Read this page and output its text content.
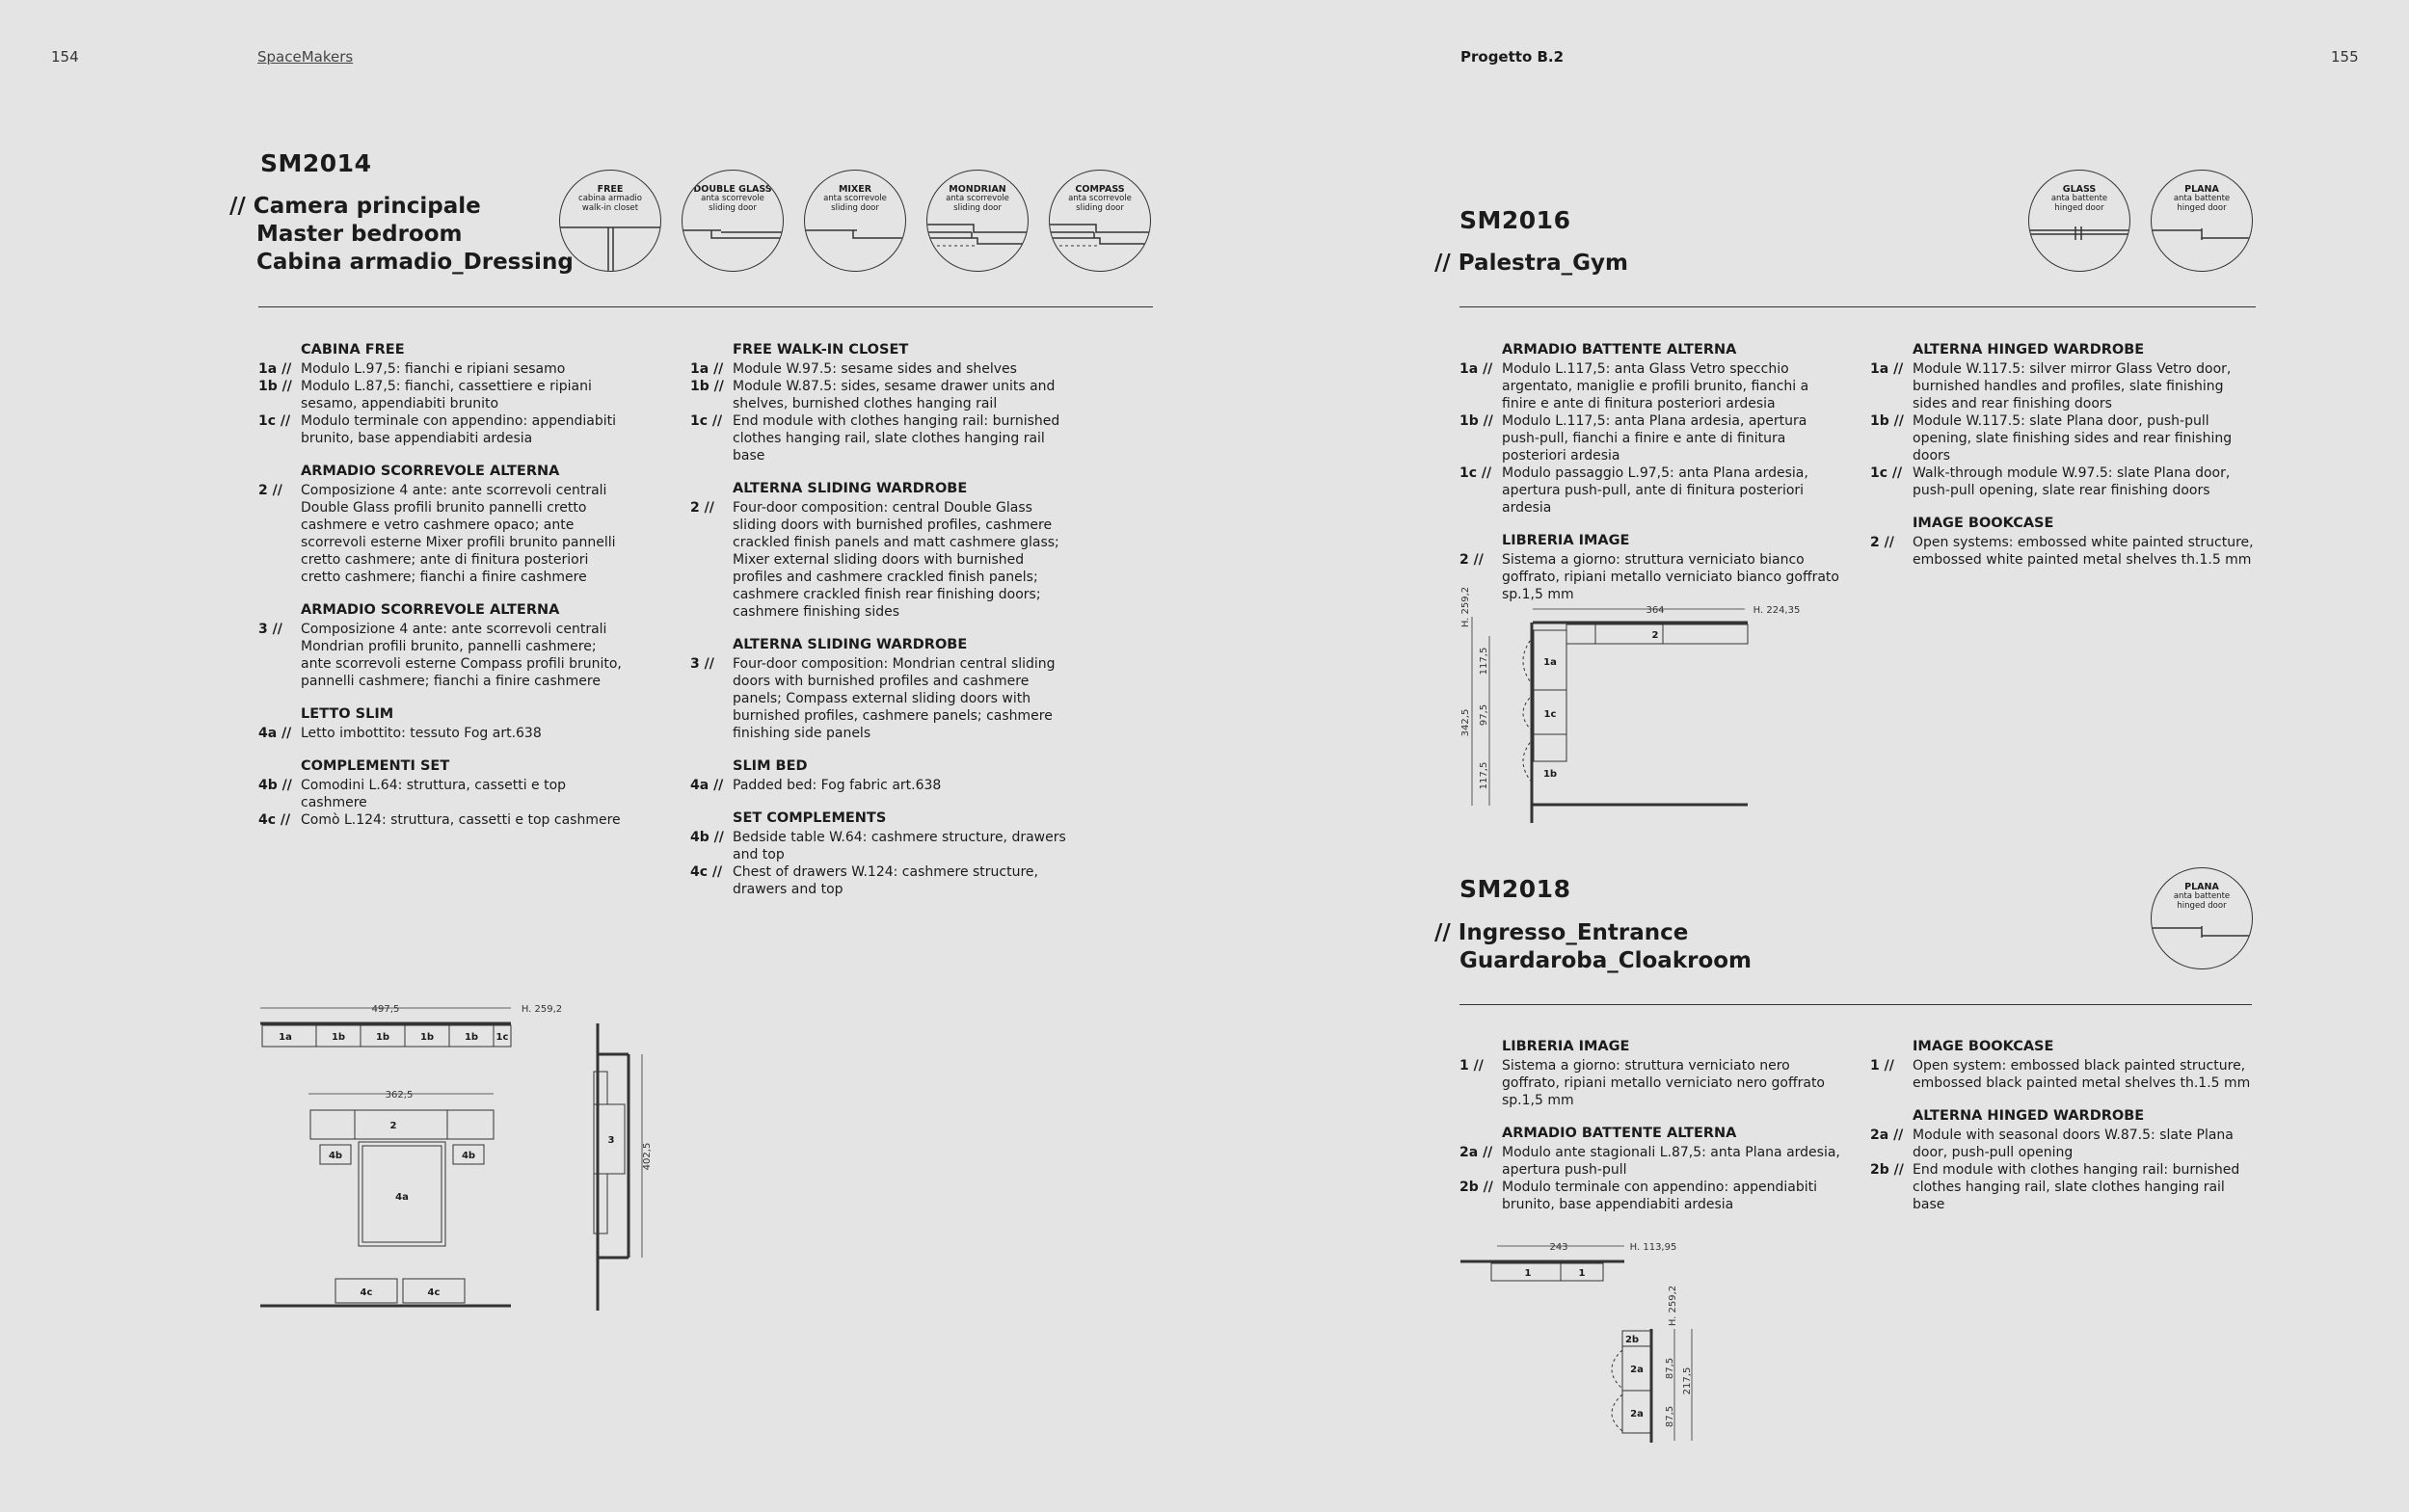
154	SpaceMakers	Progetto B.2	155
SM2014
// Camera principale
Master bedroom
Cabina armadio_Dressing
FREE
cabina armadio walk-in closet
DOUBLE GLASS
anta scorrevole sliding door
MIXER
anta scorrevole sliding door
MONDRIAN
anta scorrevole sliding door
COMPASS
anta scorrevole sliding door
CABINA FREE
1a // Modulo L.97,5: fianchi e ripiani sesamo
1b // Modulo L.87,5: fianchi, cassettiere e ripiani sesamo, appendiabiti brunito
1c // Modulo terminale con appendino: appendiabiti brunito, base appendiabiti ardesia
ARMADIO SCORREVOLE ALTERNA
2 //	Composizione 4 ante: ante scorrevoli centrali Double Glass profili brunito pannelli cretto cashmere e vetro cashmere opaco; ante scorrevoli esterne Mixer profili brunito pannelli cretto cashmere; ante di finitura posteriori cretto cashmere; fianchi a finire cashmere
ARMADIO SCORREVOLE ALTERNA
3 //	Composizione 4 ante: ante scorrevoli centrali Mondrian profili brunito, pannelli cashmere; ante scorrevoli esterne Compass profili brunito, pannelli cashmere; fianchi a finire cashmere
LETTO SLIM
4a // Letto imbottito: tessuto Fog art.638
COMPLEMENTI SET
4b // Comodini L.64: struttura, cassetti e top cashmere
4c // Comò L.124: struttura, cassetti e top cashmere
FREE WALK-IN CLOSET
1a // Module W.97.5: sesame sides and shelves
1b // Module W.87.5: sides, sesame drawer units and shelves, burnished clothes hanging rail
1c // End module with clothes hanging rail: burnished clothes hanging rail, slate clothes hanging rail base
ALTERNA SLIDING WARDROBE
2 //	Four-door composition: central Double Glass sliding doors with burnished profiles, cashmere crackled finish panels and matt cashmere glass; Mixer external sliding doors with burnished profiles and cashmere crackled finish panels; cashmere crackled finish rear finishing doors; cashmere finishing sides
ALTERNA SLIDING WARDROBE
3 //	Four-door composition: Mondrian central sliding doors with burnished profiles and cashmere panels; Compass external sliding doors with burnished profiles, cashmere panels; cashmere finishing side panels
SLIM BED
4a // Padded bed: Fog fabric art.638
SET COMPLEMENTS
4b // Bedside table W.64: cashmere structure, drawers and top
4c // Chest of drawers W.124: cashmere structure, drawers and top
497,5	H. 259,2
362,5
402,5
1a	1b	1b	1b	1b 1c
2
4b	4b
4a
4c	4c
3
SM2016
// Palestra_Gym
GLASS
anta battente hinged door
PLANA
anta battente hinged door
ARMADIO BATTENTE ALTERNA
1a // Modulo L.117,5: anta Glass Vetro specchio argentato, maniglie e profili brunito, fianchi a finire e ante di finitura posteriori ardesia
1b // Modulo L.117,5: anta Plana ardesia, apertura push-pull, fianchi a finire e ante di finitura posteriori ardesia
1c // Modulo passaggio L.97,5: anta Plana ardesia, apertura push-pull, ante di finitura posteriori ardesia
LIBRERIA IMAGE
2 //	Sistema a giorno: struttura verniciato bianco goffrato, ripiani metallo verniciato bianco goffrato sp.1,5 mm
ALTERNA HINGED WARDROBE
1a // Module W.117.5: silver mirror Glass Vetro door, burnished handles and profiles, slate finishing sides and rear finishing doors
1b // Module W.117.5: slate Plana door, push-pull opening, slate finishing sides and rear finishing doors
1c // Walk-through module W.97.5: slate Plana door, push-pull opening, slate rear finishing doors
IMAGE BOOKCASE
2 //	Open systems: embossed white painted structure, embossed white painted metal shelves th.1.5 mm
364	H. 224,35
H. 259,2
342,5
117,5
97,5
117,5
2
1a
1c
1b
SM2018
// Ingresso_Entrance
Guardaroba_Cloakroom
PLANA
anta battente hinged door
LIBRERIA IMAGE
1 //	Sistema a giorno: struttura verniciato nero goffrato, ripiani metallo verniciato nero goffrato sp.1,5 mm
ARMADIO BATTENTE ALTERNA
2a // Modulo ante stagionali L.87,5: anta Plana ardesia, apertura push-pull
2b // Modulo terminale con appendino: appendiabiti brunito, base appendiabiti ardesia
IMAGE BOOKCASE
1 //	Open system: embossed black painted structure, embossed black painted metal shelves th.1.5 mm
ALTERNA HINGED WARDROBE
2a // Module with seasonal doors W.87.5: slate Plana door, push-pull opening
2b // End module with clothes hanging rail: burnished clothes hanging rail, slate clothes hanging rail base
243	H. 113,95
H. 259,2
87,5
87,5
217,5
1	1
2b
2a
2a
